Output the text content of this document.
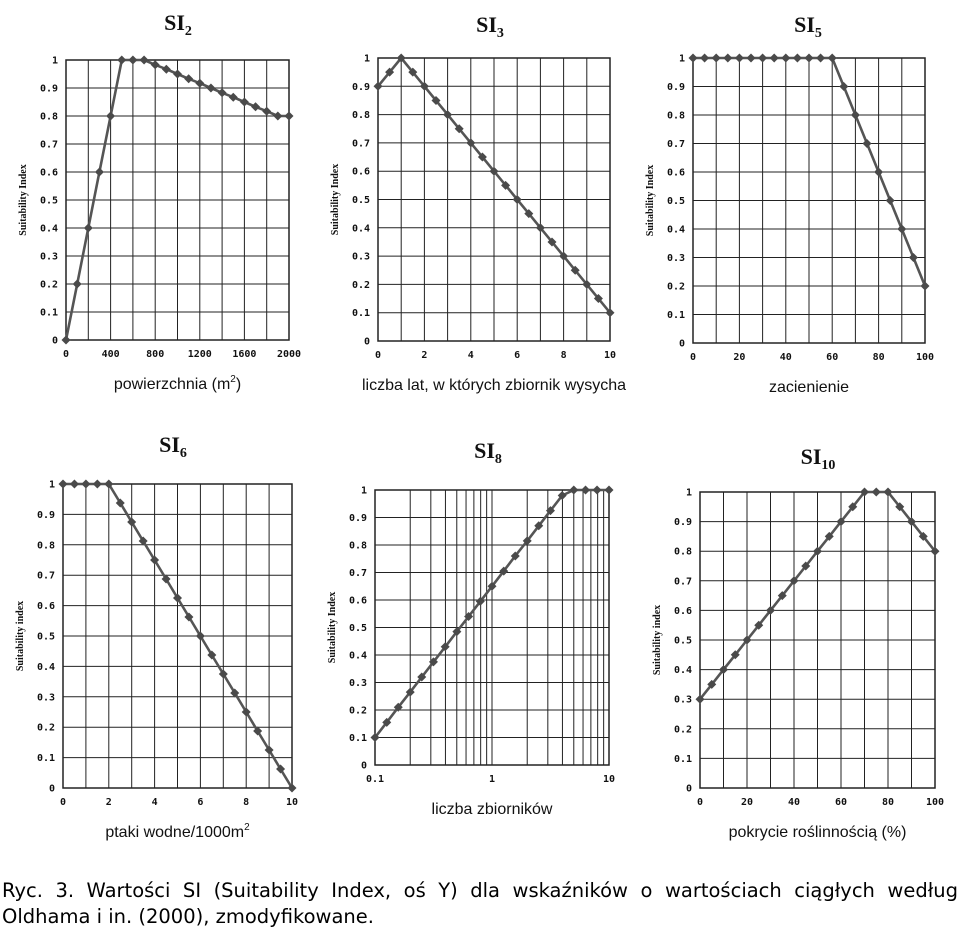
0
0.1
0.2
0.3
0.4
0.5
0.6
0.7
0.8
0.9
1
0	400	800 1200 1600 2000
$SI_2$
Suitability Index
powierzchnia $(m^2)$
0
0.1
0.2
0.3
0.4
0.5
0.6
0.7
0.8
0.9
1
0	2	4	6	8	10
$SI_3$
Suitability Index
liczba lat, w których zbiornik wysycha
0
0.1
0.2
0.3
0.4
0.5
0.6
0.7
0.8
0.9
1
0	20	40	60	80	100
$SI_5$
Suitability Index
zacienienie
0
0.1
0.2
0.3
0.4
0.5
0.6
0.7
0.8
0.9
1
0	2	4	6	8	10
$SI_6$
Suitability index
ptaki wodne/$1000m^2$
0
0.1
0.2
0.3
0.4
0.5
0.6
0.7
0.8
0.9
1
0.1	1	10
$SI_8$
Suitability Index
liczba zbiorników
0
0.1
0.2
0.3
0.4
0.5
0.6
0.7
0.8
0.9
1
0	20	40	60	80	100
$SI_{10}$
Suitability index
pokrycie roślinnością (%)
Ryc. 3. Wartości SI (Suitability Index, oś Y) dla wskaźników o wartościach ciągłych według Oldhama i in. (2000), zmodyfikowane.
